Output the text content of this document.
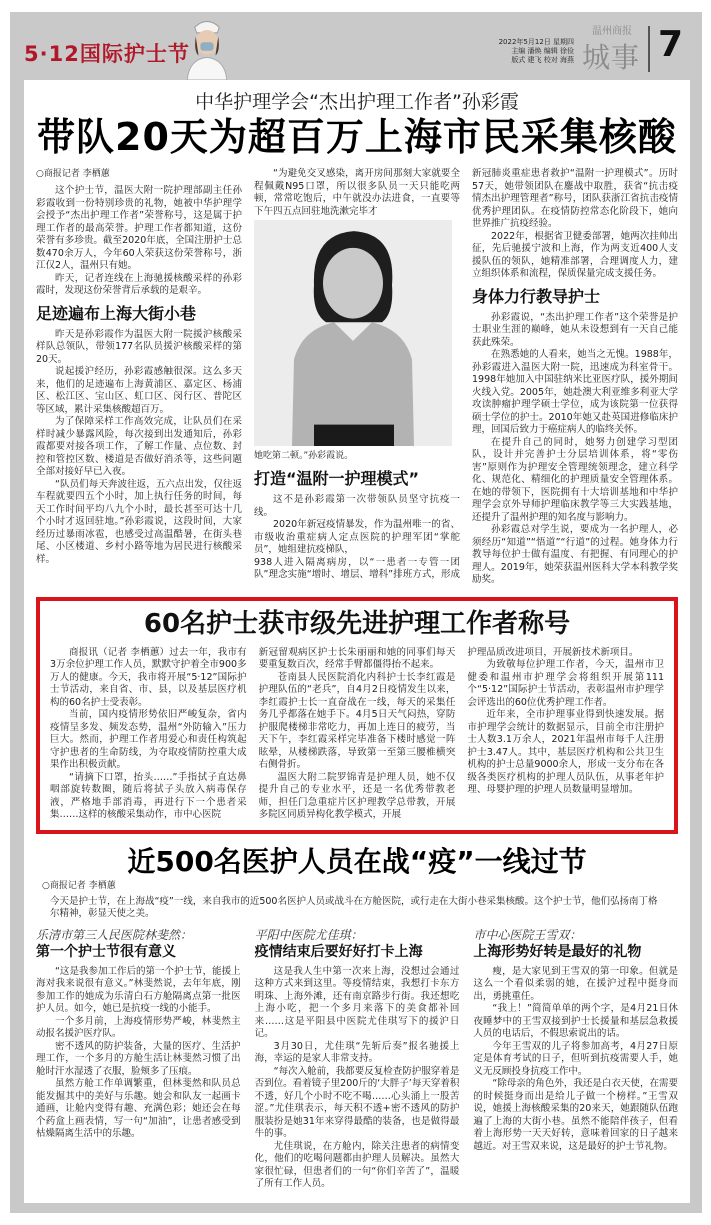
5·12国际护士节	2022年5月12日 星期四
主编 潘焕 编辑 徐俭
版式 建飞 校对 海燕
温州商报
城事 7
中华护理学会“杰出护理工作者”孙彩霞
带队20天为超百万上海市民采集核酸
○商报记者 李栖蕙

这个护士节，温医大附一院护理部副主任孙彩霞收到一份特别珍贵的礼物，她被中华护理学会授予“杰出护理工作者”荣誉称号，这是属于护理工作者的最高荣誉。护理工作者都知道，这份荣誉有多珍贵。截至2020年底，全国注册护士总数470余万人，今年60人荣获这份荣誉称号，浙江仅2人，温州只有她。

昨天，记者连线在上海驰援核酸采样的孙彩霞时，发现这份荣誉背后承载的是艰辛。

足迹遍布上海大街小巷

昨天是孙彩霞作为温医大附一院援沪核酸采样队总领队，带领177名队员援沪核酸采样的第20天。

说起援沪经历，孙彩霞感触很深。这么多天来，他们的足迹遍布上海黄浦区、嘉定区、杨浦区、松江区、宝山区、虹口区、闵行区、普陀区等区域，累计采集核酸超百万。

为了保障采样工作高效完成，让队员们在采样时减少暴露风险，每次接到出发通知后，孙彩霞都要对接各项工作，了解工作量、点位数、封控和管控区数、楼道是否做好消杀等，这些问题全部对接好早已入夜。

“队员们每天奔波往返，五六点出发，仅往返车程就要四五个小时，加上执行任务的时间，每天工作时间平均八九个小时，最长甚至可达十几个小时才返回驻地。”孙彩霞说，这段时间，大家经历过暴雨冰雹，也感受过高温酷暑，在街头巷尾、小区楼道、乡村小路等地为居民进行核酸采样。

“为避免交叉感染，离开房间那刻大家就要全程佩戴N95口罩，所以很多队员一天只能吃两顿，常常吃饱后，中午就没办法进食，一直要等下午四五点回驻地洗漱完毕才

她吃第二顿。”孙彩霞说。
打造“温附一护理模式”

这不是孙彩霞第一次带领队员坚守抗疫一线。

2020年新冠疫情暴发，作为温州唯一的省、市级收治重症病人定点医院的护理军团“掌舵员”，她组建抗疫梯队，

938人进入隔离病房，以“一患者一专管一团队”理念实施“增时、增层、增科”排班方式，形成新冠肺炎重症患者救护“温附一护理模式”。历时57天，她带领团队在鏖战中取胜，获省“抗击疫情杰出护理管理者”称号，团队获浙江省抗击疫情优秀护理团队。在疫情防控常态化阶段下，她向世界推广抗疫经验。

2022年，根据省卫健委部署，她两次挂帅出征，先后驰援宁波和上海，作为两支近400人支援队伍的领队，她精准部署，合理调度人力，建立组织体系和流程，保质保量完成支援任务。

身体力行教导护士

孙彩霞说，“杰出护理工作者”这个荣誉是护士职业生涯的巅峰，她从未设想到有一天自己能获此殊荣。

在熟悉她的人看来，她当之无愧。1988年，孙彩霞进入温医大附一院，迅速成为科室骨干。1998年她加入中国驻纳米比亚医疗队，援外期间火线入党。2005年，她赴澳大利亚维多利亚大学攻读肿瘤护理学硕士学位，成为该院第一位获得硕士学位的护士。2010年她又赴英国进修临床护理，回国后致力于癌症病人的临终关怀。

在提升自己的同时，她努力创建学习型团队，设计并完善护士分层培训体系，将“零伤害”原则作为护理安全管理统领理念，建立科学化、规范化、精细化的护理质量安全管理体系。在她的带领下，医院拥有十大培训基地和中华护理学会京外导师护理临床教学等三大实践基地，还提升了温州护理的知名度与影响力。

孙彩霞总对学生说，要成为一名护理人，必须经历“知道”“悟道”“行道”的过程。她身体力行教导每位护士做有温度、有把握、有同理心的护理人。2019年，她荣获温州医科大学本科教学奖励奖。

60名护士获市级先进护理工作者称号

商报讯（记者 李栖蕙）过去一年，我市有3万余位护理工作人员，默默守护着全市900多万人的健康。今天，我市将开展“5·12”国际护士节活动，来自省、市、县，以及基层医疗机构的60名护士受表彰。

当前，国内疫情形势依旧严峻复杂，省内疫情呈多发、频发态势，温州“外防输入”压力巨大。然而，护理工作者用爱心和责任构筑起守护患者的生命防线，为夺取疫情防控重大成果作出积极贡献。

“请摘下口罩，抬头……”手指拭子直达鼻咽部旋转数圈，随后将拭子头放入病毒保存液，严格地手部消毒，再进行下一个患者采集……这样的核酸采集动作，市中心医院

新冠留观病区护士长朱丽丽和她的同事们每天要重复数百次，经常手臂都僵得抬不起来。

苍南县人民医院消化内科护士长李红霞是护理队伍的“老兵”，自4月2日疫情发生以来，李红霞护士长一直奋战在一线，每天的采集任务几乎都落在她手下。4月5日天气闷热，穿防护服爬楼梯非常吃力，再加上连日的疲劳，当天下午，李红霞采样完毕准备下楼时感觉一阵眩晕，从楼梯跌落，导致第一至第三腰椎横突右侧骨折。

温医大附二院罗锦青是护理人员，她不仅提升自己的专业水平，还是一名优秀带教老师，担任门急重症片区护理教学总带教，开展多院区同质异构化教学模式，开展

护理品质改进项目，开展新技术新项目。

为致敬每位护理工作者，今天，温州市卫健委和温州市护理学会将组织开展第111个“5·12”国际护士节活动，表彰温州市护理学会评选出的60位优秀护理工作者。

近年来，全市护理事业得到快速发展。据市护理学会统计的数据显示，目前全市注册护士人数3.1万余人，2021年温州市每千人注册护士3.47人。其中，基层医疗机构和公共卫生机构的护士总量9000余人，形成一支分布在各级各类医疗机构的护理人员队伍，从事老年护理、母婴护理的护理人员数量明显增加。

近500名医护人员在战“疫”一线过节
○商报记者 李栖蕙
今天是护士节，在上海战“疫”一线，来自我市的近500名医护人员或战斗在方舱医院，或行走在大街小巷采集核酸。这个护士节，他们弘扬南丁格尔精神，彰显天使之美。
乐清市第三人民医院林斐然：
第一个护士节很有意义

“这是我参加工作后的第一个护士节，能援上海对我来说很有意义。”林斐然说，去年年底，刚参加工作的她成为乐清白石方舱隔离点第一批医护人员。如今，她已是抗疫一线的小能手。

一个多月前，上海疫情形势严峻，林斐然主动报名援沪医疗队。

密不透风的防护装备，大量的医疗、生活护理工作，一个多月的方舱生活让林斐然习惯了出舱时汗水湿透了衣服，脸颊多了压痕。

虽然方舱工作单调繁重，但林斐然和队员总能发掘其中的美好与乐趣。她会和队友一起画卡通画，让舱内变得有趣、充满色彩；她还会在每个药盒上画表情，写一句“加油”，让患者感受到枯燥隔离生活中的乐趣。

平阳中医院尤佳琪：
疫情结束后要好好打卡上海

这是我人生中第一次来上海，没想过会通过这种方式来到这里。等疫情结束，我想打卡东方明珠、上海外滩，还有南京路步行街。我还想吃上海小吃，把一个多月来落下的美食都补回来……这是平阳县中医院尤佳琪写下的援沪日记。

3月30日，尤佳琪“先斩后奏”报名驰援上海，幸运的是家人非常支持。

“每次入舱前，我都要反复检查防护服穿着是否到位。看着镜子里200斤的‘大胖子’每天穿着积不透，好几个小时不吃不喝……心头涌上一股苦涩。”尤佳琪表示，每天积不透+密不透风的防护服装扮是她31年来穿得最酷的装备，也是做得最牛的事。

尤佳琪说，在方舱内，除关注患者的病情变化，他们的吃喝问题都由护理人员解决。虽然大家很忙碌，但患者们的一句“你们辛苦了”，温暖了所有工作人员。

市中心医院王雪双：
上海形势好转是最好的礼物

瘦，是大家见到王雪双的第一印象。但就是这么一个看似柔弱的她，在援沪过程中挺身而出，勇挑重任。

“我上！”简简单单的两个字，是4月21日休夜睡梦中的王雪双接到护士长援量和基层急救援人员的电话后，不假思索说出的话。

今年王雪双的儿子将参加高考，4月27日原定是体育考试的日子，但听到抗疫需要人手，她义无反顾投身抗疫工作中。

“除母亲的角色外，我还是白衣天使，在需要的时候挺身而出是给儿子做一个榜样。”王雪双说，她援上海核酸采集的20来天，她跟随队伍跑遍了上海的大街小巷。虽然不能陪伴孩子，但看着上海形势一天天好转，意味着回家的日子越来越近。对王雪双来说，这是最好的护士节礼物。
